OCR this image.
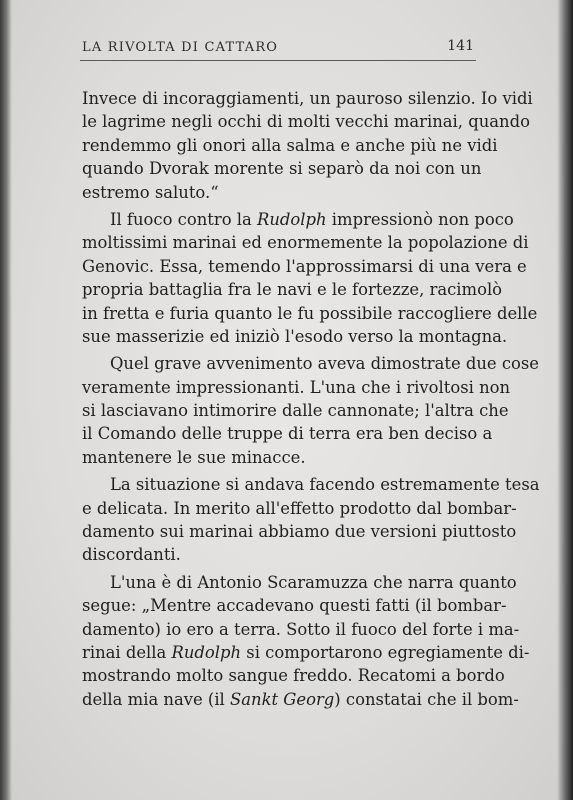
LA RIVOLTA DI CATTARO	141
Invece di incoraggiamenti, un pauroso silenzio. Io vidi
le lagrime negli occhi di molti vecchi marinai, quando
rendemmo gli onori alla salma e anche più ne vidi
quando Dvorak morente si separò da noi con un
estremo saluto.“
Il fuoco contro la Rudolph impressionò non poco
moltissimi marinai ed enormemente la popolazione di
Genovic. Essa, temendo l'approssimarsi di una vera e
propria battaglia fra le navi e le fortezze, racimolò
in fretta e furia quanto le fu possibile raccogliere delle
sue masserizie ed iniziò l'esodo verso la montagna.
Quel grave avvenimento aveva dimostrate due cose
veramente impressionanti. L'una che i rivoltosi non
si lasciavano intimorire dalle cannonate; l'altra che
il Comando delle truppe di terra era ben deciso a
mantenere le sue minacce.
La situazione si andava facendo estremamente tesa
e delicata. In merito all'effetto prodotto dal bombar-
damento sui marinai abbiamo due versioni piuttosto
discordanti.
L'una è di Antonio Scaramuzza che narra quanto
segue: „Mentre accadevano questi fatti (il bombar-
damento) io ero a terra. Sotto il fuoco del forte i ma-
rinai della Rudolph si comportarono egregiamente di-
mostrando molto sangue freddo. Recatomi a bordo
della mia nave (il Sankt Georg) constatai che il bom-
